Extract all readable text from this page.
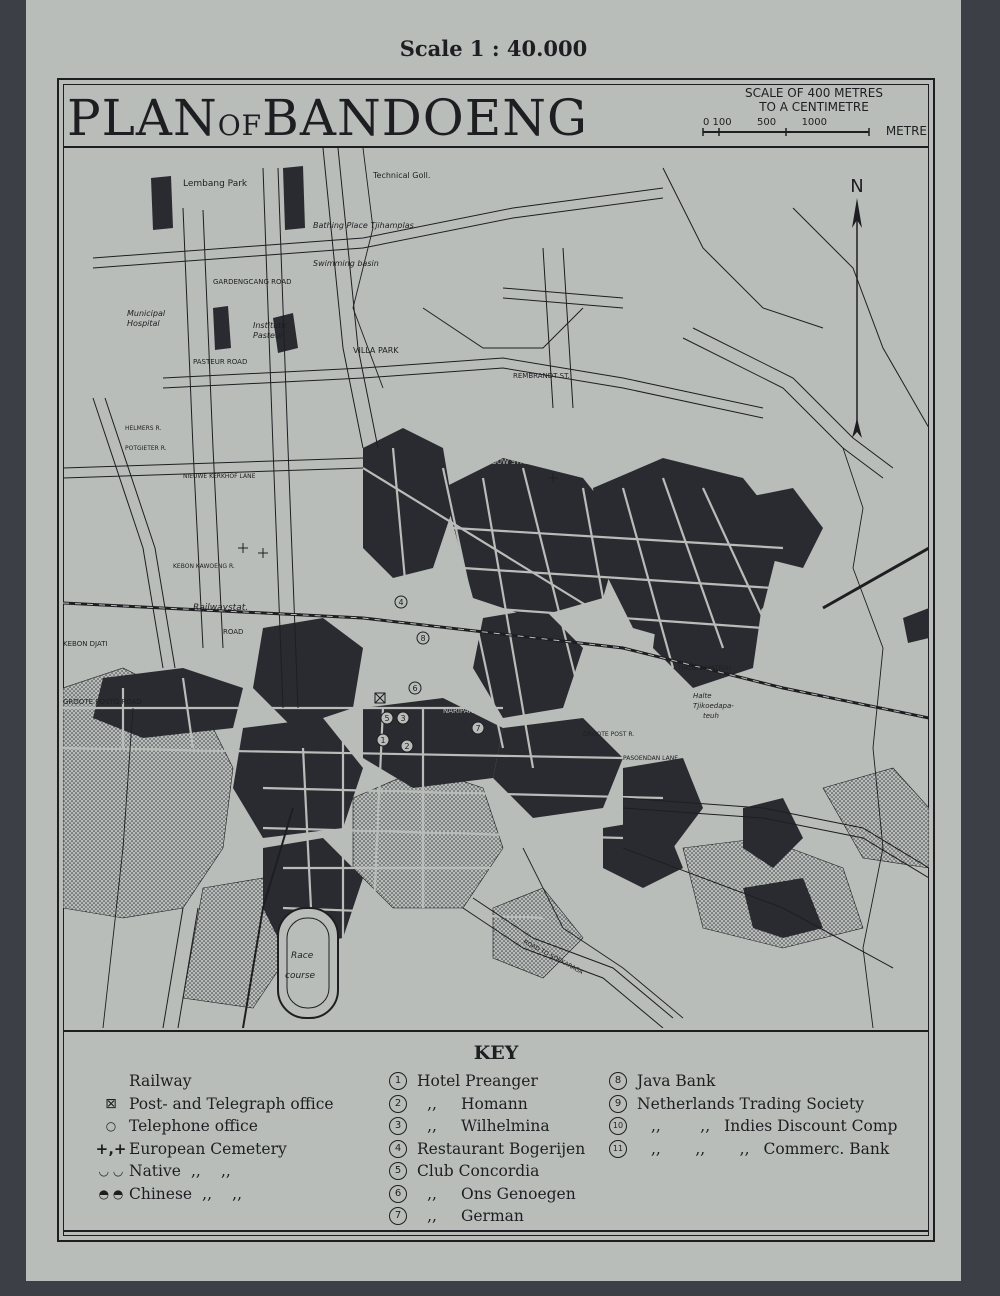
Scale 1 : 40.000
PLANOFBANDOENG	SCALE OF 400 METRES
TO A CENTIMETRE
0 100        500        1000
METRE
N
Lembang Park
Technical Goll.
Bathing Place Tjihamplas
Swimming basin
GARDENGCANG ROAD
Municipal
Hospital	Institute
Pasteur
PASTEUR ROAD
VILLA PARK
REMBRANDT ST.
HELMERS R.
POTGIETER R.
NIEUWE KERKHOF LANE
TJIOUW STREET
KEBON KAWOENG R.
Railwaystat.
JAVA STR.
N. MAGAZIJN STR.
KEBON DJATI
ROAD
Pasar
GROOTE POSTO ROAD
NARIPAN ROAD
GROOTE POST R.
Halte
Tjikoedapa-
teuh
TJIKOE DAPATEUH
PASOENDAN LANE
Race
course	ROAD TO SOEKARAGA
4
8
6
5 3
1
2
7
KEY
Railway
⊠ Post- and Telegraph office
○ Telephone office
+‚+ European Cemetery
◡ ◡ Native ,,	,,
◓ ◓ Chinese ,,	,,
1	Hotel Preanger
2	,,	Homann
3	,,	Wilhelmina
4	Restaurant Bogerijen
5	Club Concordia
6	,,	Ons Genoegen
7	,,	German
8	Java Bank
9	Netherlands Trading Society
10 ,,        ,, Indies Discount Comp
11 ,,       ,,       ,, Commerc. Bank
